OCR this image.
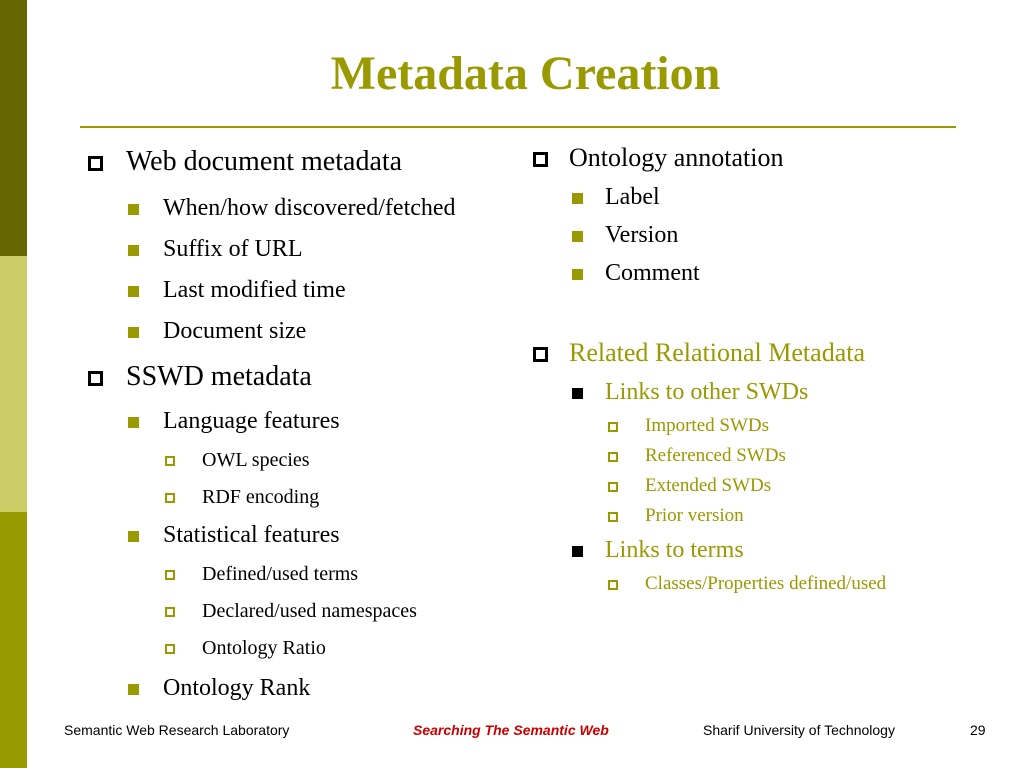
Metadata Creation
Web document metadata
When/how discovered/fetched
Suffix of URL
Last modified time
Document size
SSWD metadata
Language features
OWL species
RDF encoding
Statistical features
Defined/used terms
Declared/used namespaces
Ontology Ratio
Ontology Rank
Ontology annotation
Label
Version
Comment
Related Relational Metadata
Links to other SWDs
Imported SWDs
Referenced SWDs
Extended SWDs
Prior version
Links to terms
Classes/Properties defined/used
Semantic Web Research Laboratory	Searching The Semantic Web	Sharif University of Technology	29
